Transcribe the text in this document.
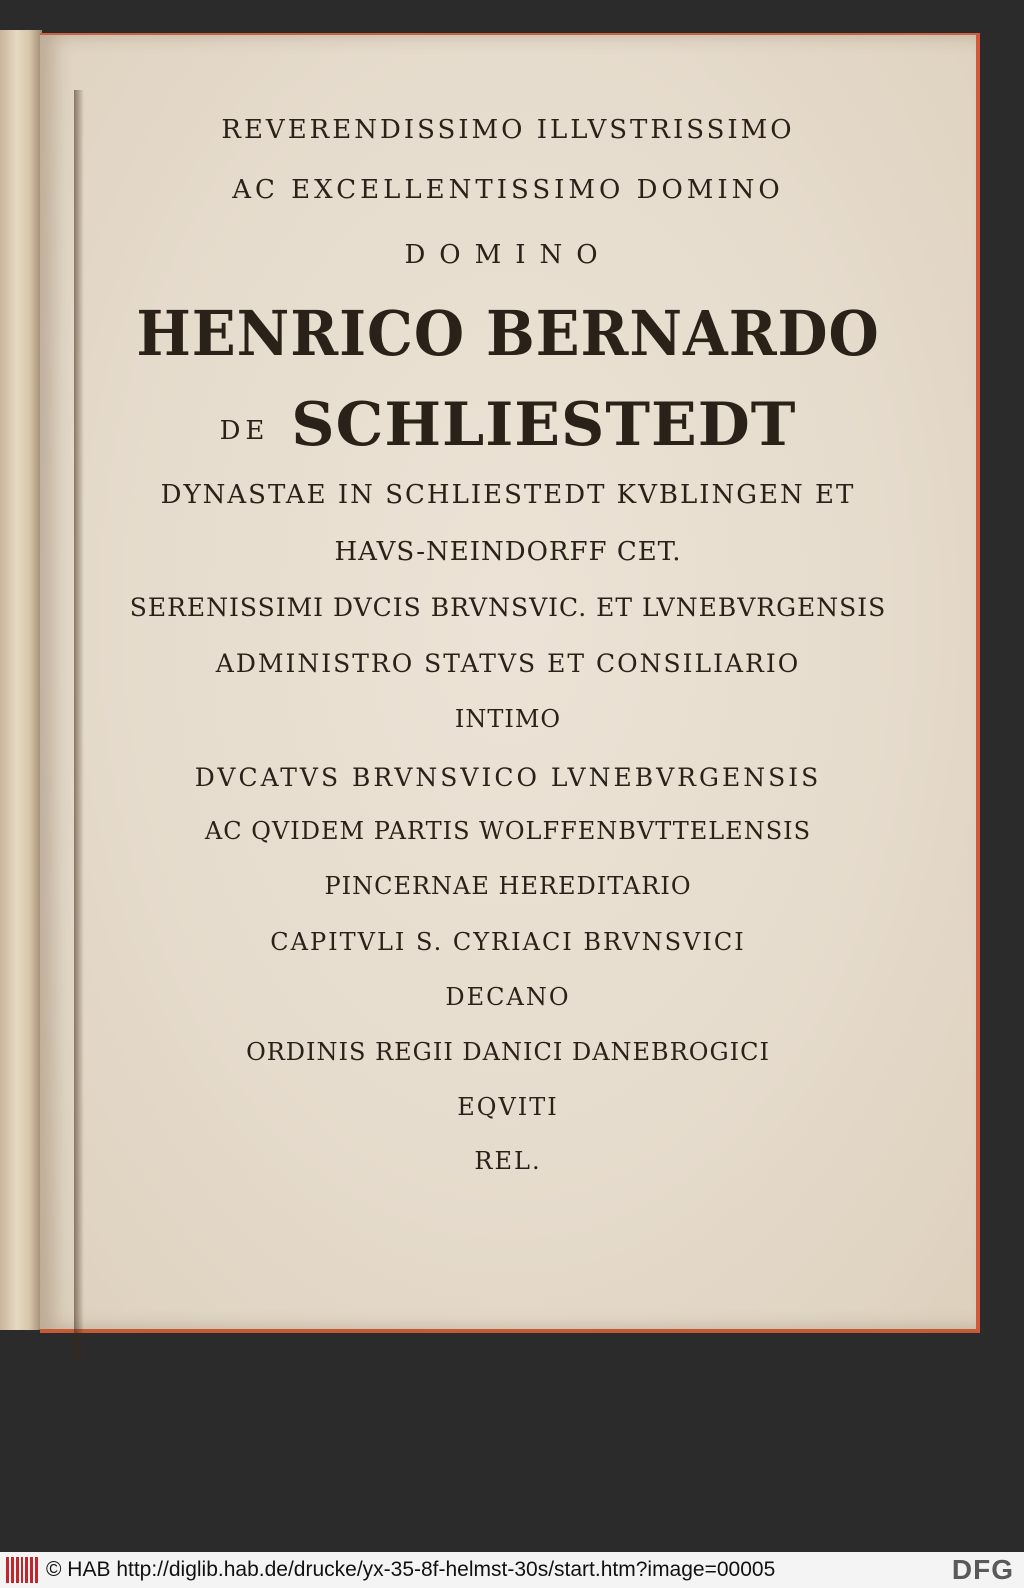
REVERENDISSIMO ILLVSTRISSIMO
AC EXCELLENTISSIMO DOMINO
DOMINO
HENRICO BERNARDO
DE SCHLIESTEDT
DYNASTAE IN SCHLIESTEDT KVBLINGEN ET
HAVS-NEINDORFF CET.
SERENISSIMI DVCIS BRVNSVIC. ET LVNEBVRGENSIS
ADMINISTRO STATVS ET CONSILIARIO
INTIMO
DVCATVS BRVNSVICO LVNEBVRGENSIS
AC QVIDEM PARTIS WOLFFENBVTTELENSIS
PINCERNAE HEREDITARIO
CAPITVLI S. CYRIACI BRVNSVICI
DECANO
ORDINIS REGII DANICI DANEBROGICI
EQVITI
REL.
© HAB http://diglib.hab.de/drucke/yx-35-8f-helmst-30s/start.htm?image=00005	DFG
